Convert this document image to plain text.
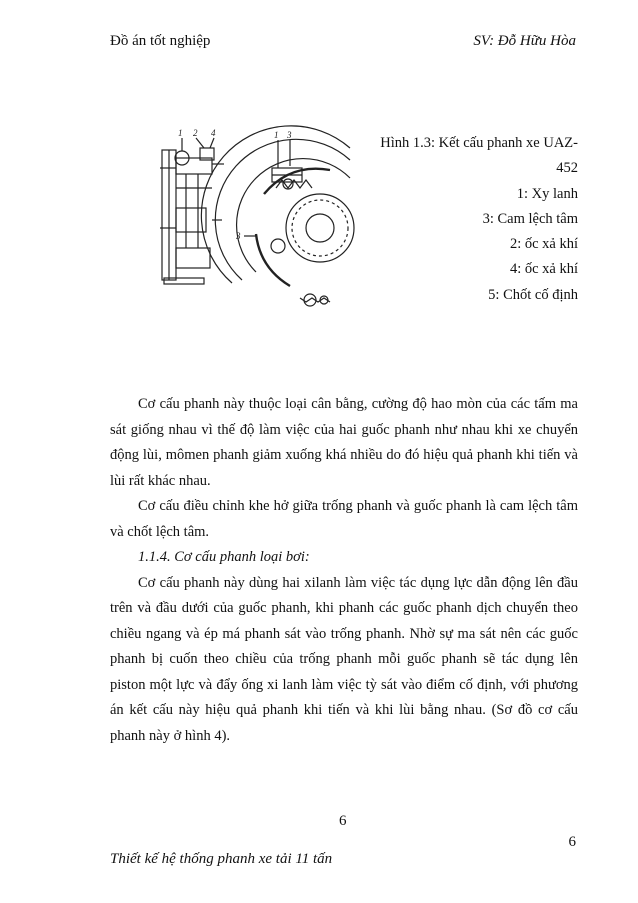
Đồ án tốt nghiệp	SV: Đỗ Hữu Hòa
1 2 4	1 3
3
Hình 1.3: Kết cấu phanh xe UAZ-
452
1: Xy lanh
3: Cam lệch tâm
2: ốc xả khí
4: ốc xả khí
5: Chốt cố định

Cơ cấu phanh này thuộc loại cân bằng, cường độ hao mòn của các tấm ma sát giống nhau vì thế độ làm việc của hai guốc phanh như nhau khi xe chuyển động lùi, mômen phanh giảm xuống khá nhiều do đó hiệu quả phanh khi tiến và lùi rất khác nhau.

Cơ cấu điều chỉnh khe hở giữa trống phanh và guốc phanh là cam lệch tâm và chốt lệch tâm.

1.1.4. Cơ cấu phanh loại bơi:

Cơ cấu phanh này dùng hai xilanh làm việc tác dụng lực dẫn động lên đầu trên và đầu dưới của guốc phanh, khi phanh các guốc phanh dịch chuyển theo chiều ngang và ép má phanh sát vào trống phanh. Nhờ sự ma sát nên các guốc phanh bị cuốn theo chiều của trống phanh mỗi guốc phanh sẽ tác dụng lên piston một lực và đẩy ống xi lanh làm việc tỳ sát vào điểm cố định, với phương án kết cấu này hiệu quả phanh khi tiến và khi lùi bằng nhau. (Sơ đồ cơ cấu phanh này ở hình 4).

6
6
Thiết kế hệ thống phanh xe tải 11 tấn
